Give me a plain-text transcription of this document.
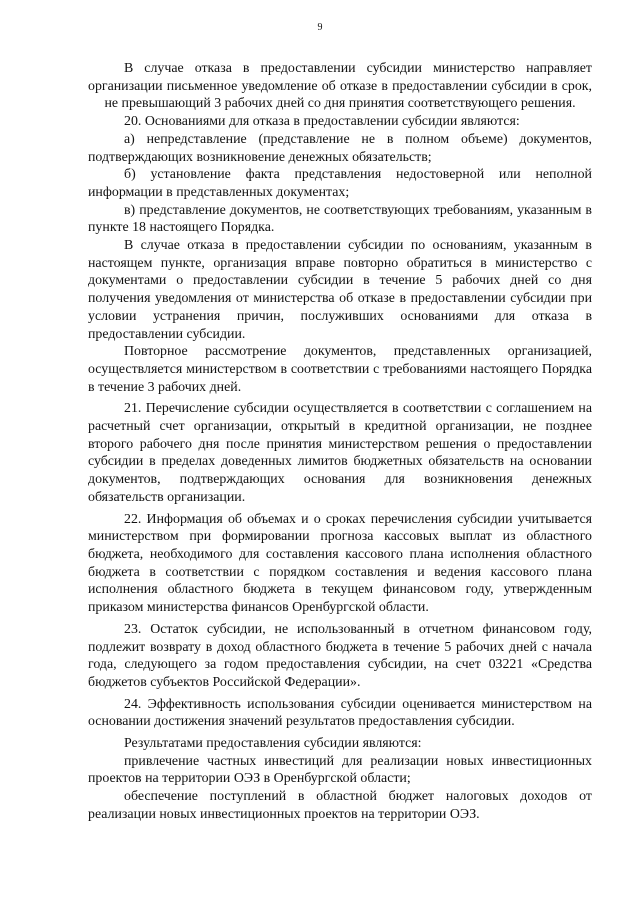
9

В случае отказа в предоставлении субсидии министерство направляет организации письменное уведомление об отказе в предоставлении субсидии в срок, не превышающий 3 рабочих дней со дня принятия соответствующего решения.

20. Основаниями для отказа в предоставлении субсидии являются:

а) непредставление (представление не в полном объеме) документов, подтверждающих возникновение денежных обязательств;

б) установление факта представления недостоверной или неполной информации в представленных документах;

в) представление документов, не соответствующих требованиям, указанным в пункте 18 настоящего Порядка.

В случае отказа в предоставлении субсидии по основаниям, указанным в настоящем пункте, организация вправе повторно обратиться в министерство с документами о предоставлении субсидии в течение 5 рабочих дней со дня получения уведомления от министерства об отказе в предоставлении субсидии при условии устранения причин, послуживших основаниями для отказа в предоставлении субсидии.

Повторное рассмотрение документов, представленных организацией, осуществляется министерством в соответствии с требованиями настоящего Порядка в течение 3 рабочих дней.

21. Перечисление субсидии осуществляется в соответствии с соглашением на расчетный счет организации, открытый в кредитной организации, не позднее второго рабочего дня после принятия министерством решения о предоставлении субсидии в пределах доведенных лимитов бюджетных обязательств на основании документов, подтверждающих основания для возникновения денежных обязательств организации.

22. Информация об объемах и о сроках перечисления субсидии учитывается министерством при формировании прогноза кассовых выплат из областного бюджета, необходимого для составления кассового плана исполнения областного бюджета в соответствии с порядком составления и ведения кассового плана исполнения областного бюджета в текущем финансовом году, утвержденным приказом министерства финансов Оренбургской области.

23. Остаток субсидии, не использованный в отчетном финансовом году, подлежит возврату в доход областного бюджета в течение 5 рабочих дней с начала года, следующего за годом предоставления субсидии, на счет 03221 «Средства бюджетов субъектов Российской Федерации».

24. Эффективность использования субсидии оценивается министерством на основании достижения значений результатов предоставления субсидии.

Результатами предоставления субсидии являются:

привлечение частных инвестиций для реализации новых инвестиционных проектов на территории ОЭЗ в Оренбургской области;

обеспечение поступлений в областной бюджет налоговых доходов от реализации новых инвестиционных проектов на территории ОЭЗ.
